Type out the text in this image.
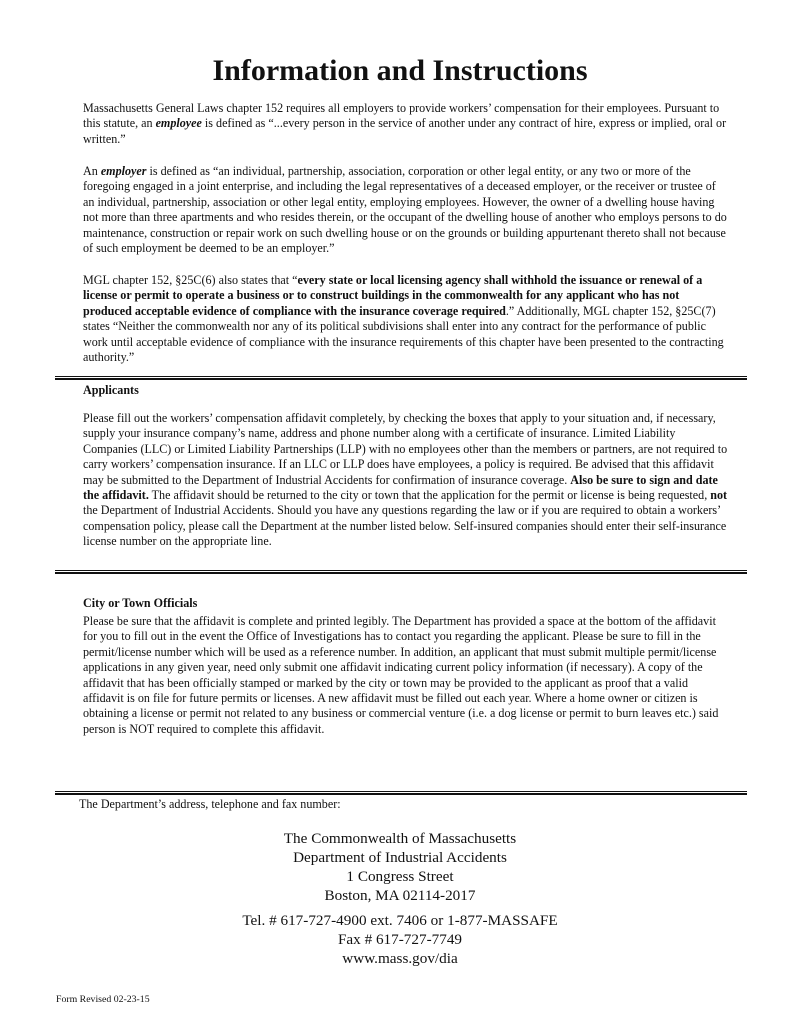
Information and Instructions

Massachusetts General Laws chapter 152 requires all employers to provide workers’ compensation for their employees. Pursuant to this statute, an employee is defined as “...every person in the service of another under any contract of hire, express or implied, oral or written.”

An employer is defined as “an individual, partnership, association, corporation or other legal entity, or any two or more of the foregoing engaged in a joint enterprise, and including the legal representatives of a deceased employer, or the receiver or trustee of an individual, partnership, association or other legal entity, employing employees. However, the owner of a dwelling house having not more than three apartments and who resides therein, or the occupant of the dwelling house of another who employs persons to do maintenance, construction or repair work on such dwelling house or on the grounds or building appurtenant thereto shall not because of such employment be deemed to be an employer.”

MGL chapter 152, §25C(6) also states that “every state or local licensing agency shall withhold the issuance or renewal of a license or permit to operate a business or to construct buildings in the commonwealth for any applicant who has not produced acceptable evidence of compliance with the insurance coverage required.” Additionally, MGL chapter 152, §25C(7) states “Neither the commonwealth nor any of its political subdivisions shall enter into any contract for the performance of public work until acceptable evidence of compliance with the insurance requirements of this chapter have been presented to the contracting authority.”

Applicants

Please fill out the workers’ compensation affidavit completely, by checking the boxes that apply to your situation and, if necessary, supply your insurance company’s name, address and phone number along with a certificate of insurance. Limited Liability Companies (LLC) or Limited Liability Partnerships (LLP) with no employees other than the members or partners, are not required to carry workers’ compensation insurance. If an LLC or LLP does have employees, a policy is required. Be advised that this affidavit may be submitted to the Department of Industrial Accidents for confirmation of insurance coverage. Also be sure to sign and date the affidavit. The affidavit should be returned to the city or town that the application for the permit or license is being requested, not the Department of Industrial Accidents. Should you have any questions regarding the law or if you are required to obtain a workers’ compensation policy, please call the Department at the number listed below. Self-insured companies should enter their self-insurance license number on the appropriate line.

City or Town Officials

Please be sure that the affidavit is complete and printed legibly. The Department has provided a space at the bottom of the affidavit for you to fill out in the event the Office of Investigations has to contact you regarding the applicant. Please be sure to fill in the permit/license number which will be used as a reference number. In addition, an applicant that must submit multiple permit/license applications in any given year, need only submit one affidavit indicating current policy information (if necessary). A copy of the affidavit that has been officially stamped or marked by the city or town may be provided to the applicant as proof that a valid affidavit is on file for future permits or licenses. A new affidavit must be filled out each year. Where a home owner or citizen is obtaining a license or permit not related to any business or commercial venture (i.e. a dog license or permit to burn leaves etc.) said person is NOT required to complete this affidavit.

The Department’s address, telephone and fax number:

The Commonwealth of Massachusetts
Department of Industrial Accidents
1 Congress Street
Boston, MA 02114-2017
Tel. # 617-727-4900 ext. 7406 or 1-877-MASSAFE
Fax # 617-727-7749
www.mass.gov/dia

Form Revised 02-23-15
